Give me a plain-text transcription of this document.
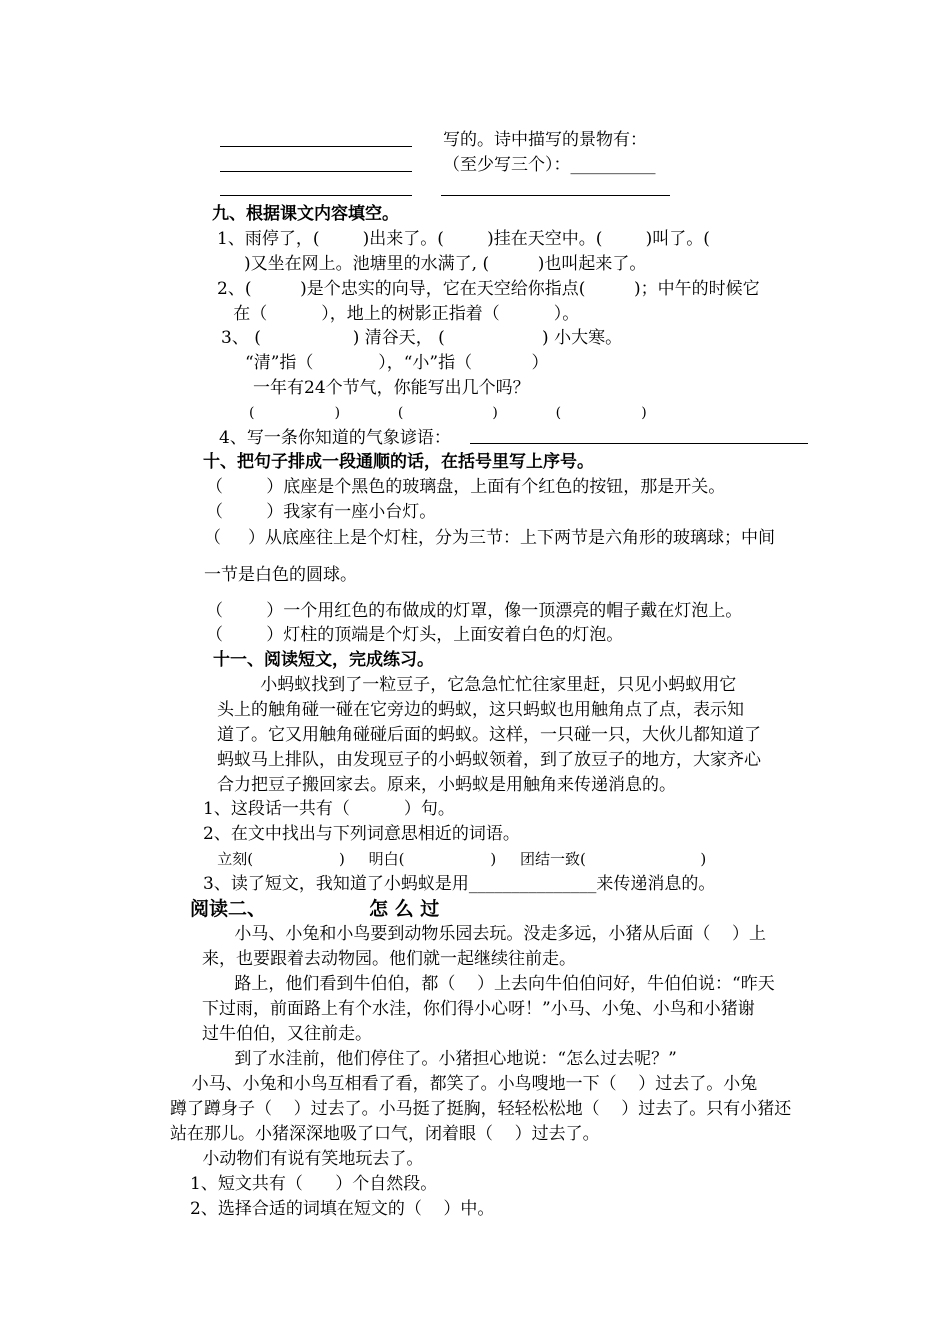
写的。诗中描写的景物有：
（至少写三个）：__________
九、根据课文内容填空。
1、雨停了，(        )出来了。(        )挂在天空中。(        )叫了。(
)又坐在网上。池塘里的水满了, (         )也叫起来了。
2、(         )是个忠实的向导，它在天空给你指点(         )；中午的时候它
在（          ），地上的树影正指着（          ）。
3、 (                 ) 清谷天， (                  ) 小大寒。
“清”指（            ），“小”指（           ）
一年有24个节气，你能写出几个吗？
(                  )             (                    )             (                  )
4、写一条你知道的气象谚语：
十、把句子排成一段通顺的话，在括号里写上序号。
（        ）底座是个黑色的玻璃盘，上面有个红色的按钮，那是开关。
（        ）我家有一座小台灯。
（     ）从底座往上是个灯柱，分为三节：上下两节是六角形的玻璃球；中间
一节是白色的圆球。
（        ）一个用红色的布做成的灯罩，像一顶漂亮的帽子戴在灯泡上。
（        ）灯柱的顶端是个灯头，上面安着白色的灯泡。
十一、阅读短文，完成练习。
小蚂蚁找到了一粒豆子，它急急忙忙往家里赶，只见小蚂蚁用它
头上的触角碰一碰在它旁边的蚂蚁，这只蚂蚁也用触角点了点，表示知
道了。它又用触角碰碰后面的蚂蚁。这样，一只碰一只，大伙儿都知道了
蚂蚁马上排队，由发现豆子的小蚂蚁领着，到了放豆子的地方，大家齐心
合力把豆子搬回家去。原来，小蚂蚁是用触角来传递消息的。
1、这段话一共有（          ）句。
2、在文中找出与下列词意思相近的词语。
立刻(                  )     明白(                  )     团结一致(                        )
3、读了短文，我知道了小蚂蚁是用_______________来传递消息的。
阅读二、	怎 么 过
小马、小兔和小鸟要到动物乐园去玩。没走多远，小猪从后面（    ）上
来，也要跟着去动物园。他们就一起继续往前走。
路上，他们看到牛伯伯，都（    ）上去向牛伯伯问好，牛伯伯说：“昨天
下过雨，前面路上有个水洼，你们得小心呀！”小马、小兔、小鸟和小猪谢
过牛伯伯，又往前走。
到了水洼前，他们停住了。小猪担心地说：“怎么过去呢？”
小马、小兔和小鸟互相看了看，都笑了。小鸟嗖地一下（    ）过去了。小兔
蹲了蹲身子（    ）过去了。小马挺了挺胸，轻轻松松地（    ）过去了。只有小猪还
站在那儿。小猪深深地吸了口气，闭着眼（    ）过去了。
小动物们有说有笑地玩去了。
1、短文共有（      ）个自然段。
2、选择合适的词填在短文的（    ）中。
